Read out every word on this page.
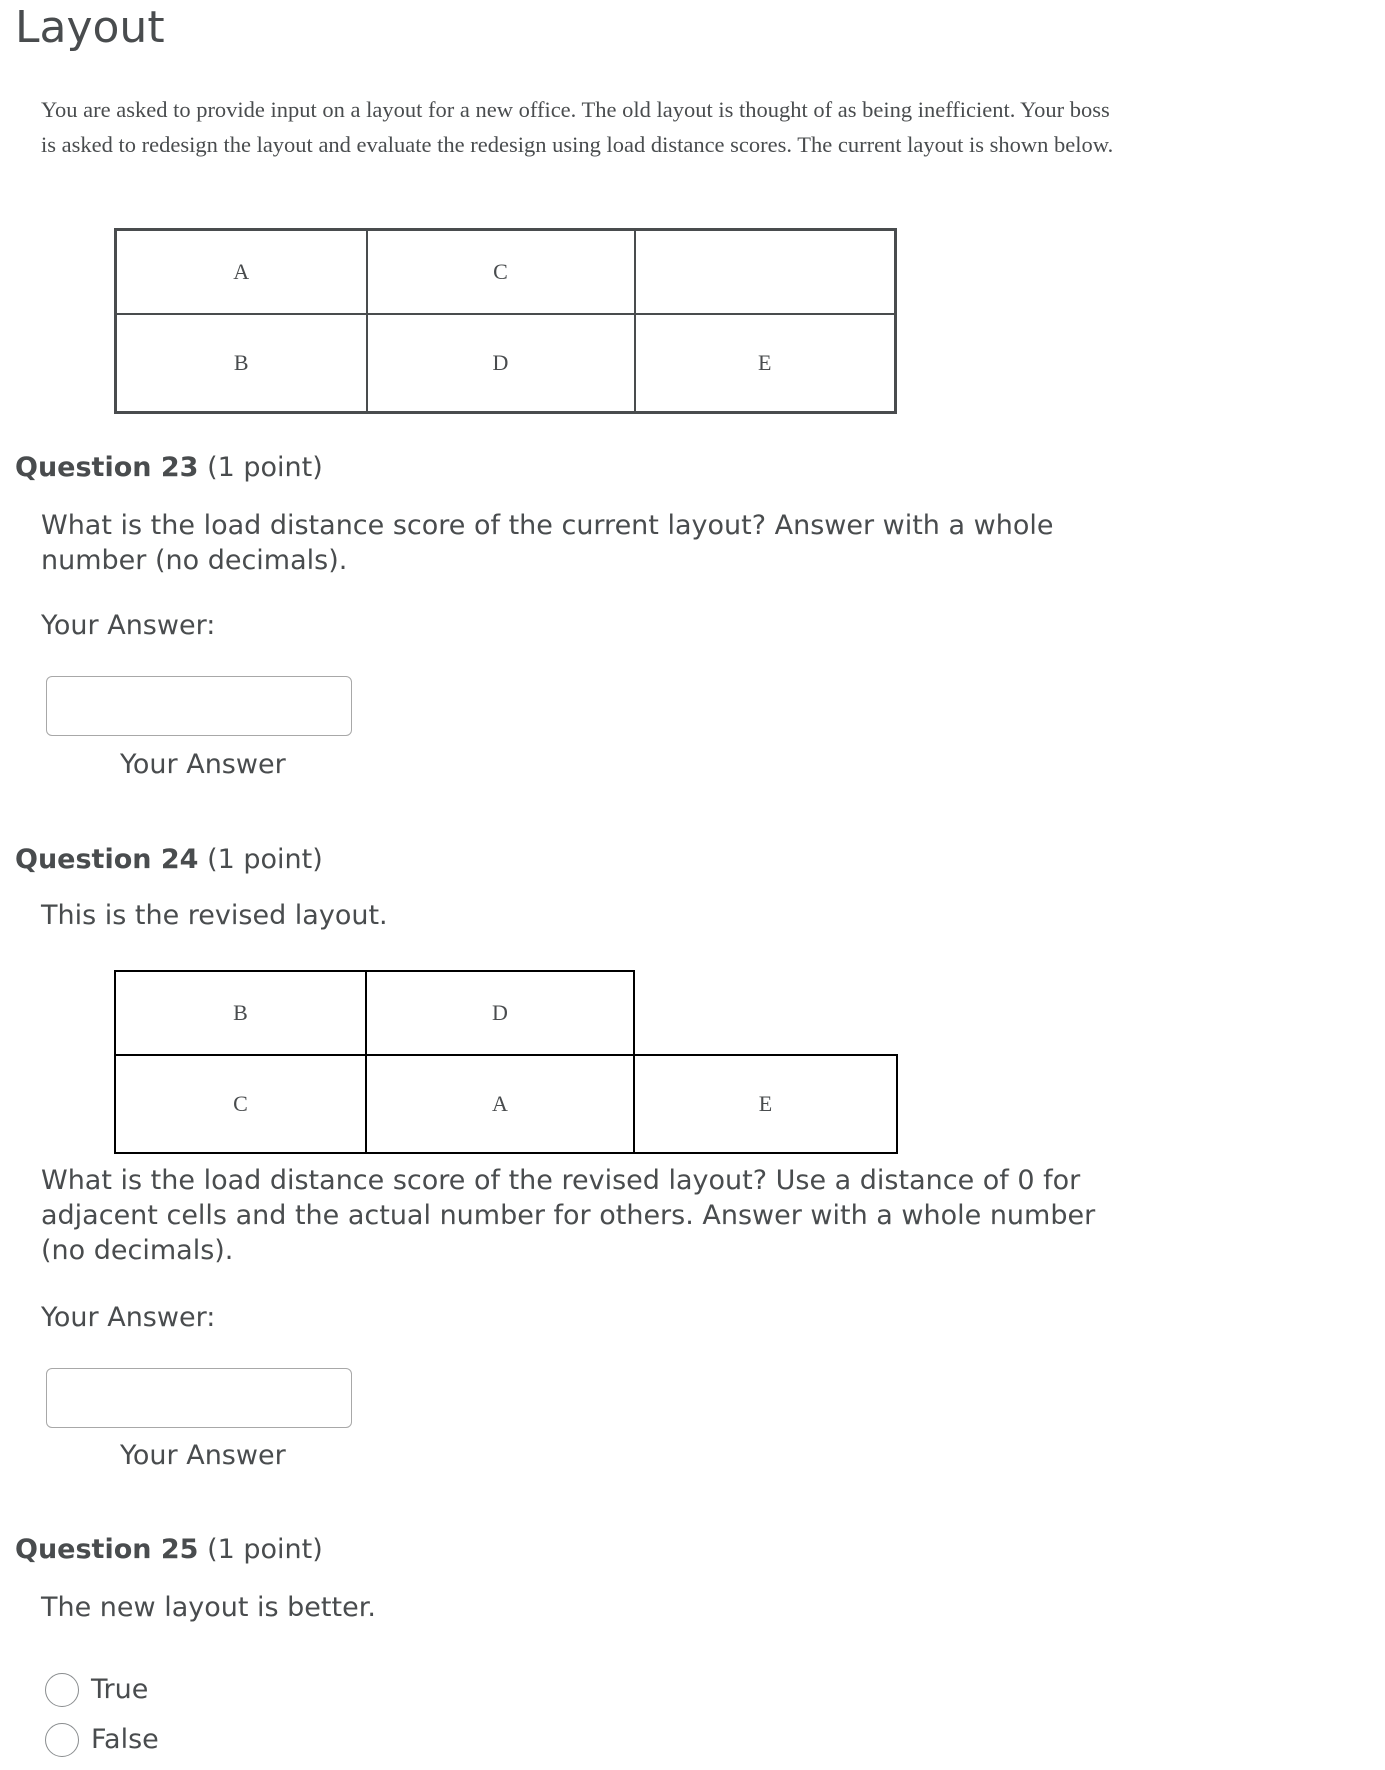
Layout

You are asked to provide input on a layout for a new office. The old layout is thought of as being inefficient. Your boss is asked to redesign the layout and evaluate the redesign using load distance scores. The current layout is shown below.

A	C	
B	D	E
Question 23 (1 point)

What is the load distance score of the current layout? Answer with a whole number (no decimals).

Your Answer:

Your Answer

Question 24 (1 point)

This is the revised layout.

B	D	
C	A	E

What is the load distance score of the revised layout? Use a distance of 0 for adjacent cells and the actual number for others. Answer with a whole number (no decimals).

Your Answer:

Your Answer

Question 25 (1 point)

The new layout is better.

True
False
